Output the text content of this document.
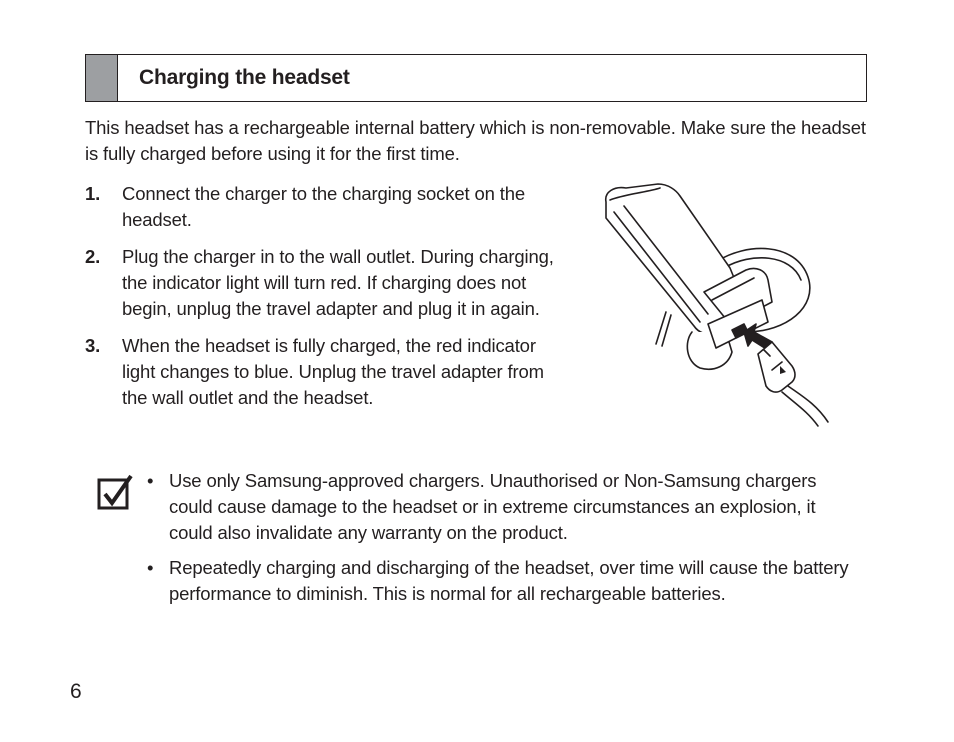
Charging the headset
This headset has a rechargeable internal battery which is non-removable. Make sure the headset is fully charged before using it for the first time.
1. Connect the charger to the charging socket on the headset.
2. Plug the charger in to the wall outlet. During charging, the indicator light will turn red. If charging does not begin, unplug the travel adapter and plug it in again.
3. When the headset is fully charged, the red indicator light changes to blue. Unplug the travel adapter from the wall outlet and the headset.
• Use only Samsung-approved chargers. Unauthorised or Non-Samsung chargers could cause damage to the headset or in extreme circumstances an explosion, it could also invalidate any warranty on the product.
• Repeatedly charging and discharging of the headset, over time will cause the battery performance to diminish. This is normal for all rechargeable batteries.
6
